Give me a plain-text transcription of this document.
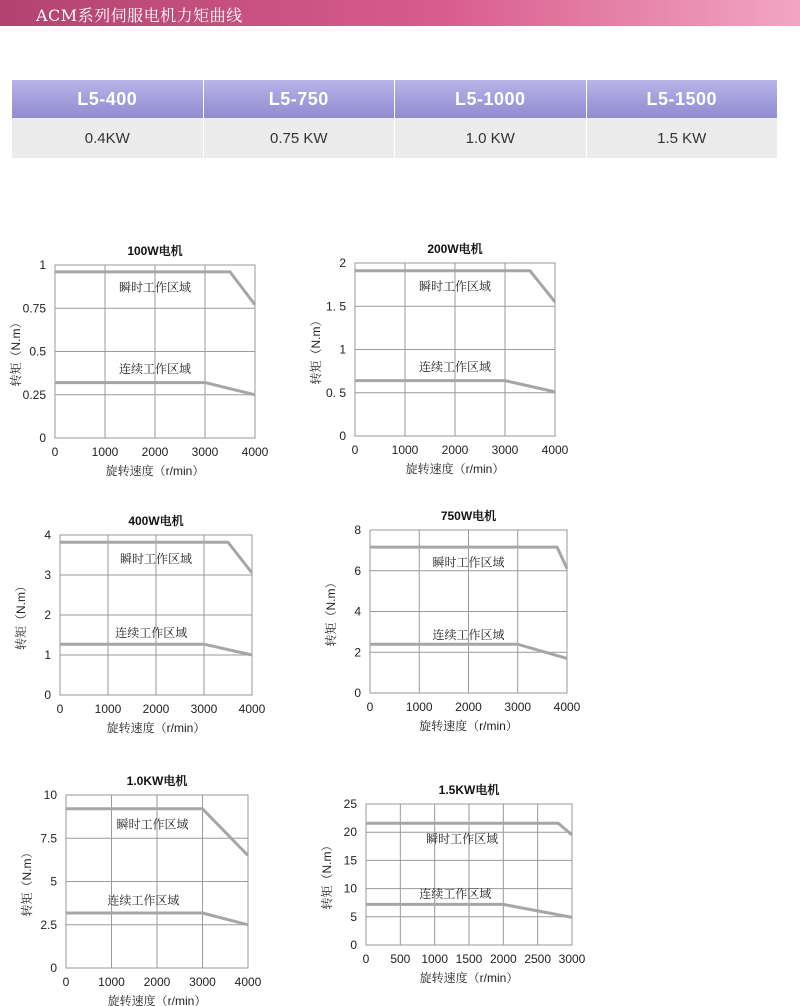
ACM系列伺服电机力矩曲线
L5-400	L5-750	L5-1000	L5-1500
0.4KW	0.75 KW	1.0 KW	1.5 KW
0	1000 2000 3000 4000
0
0.25
0.5
0.75
1
100W电机
旋转速度（r/min）
转矩（N.m）
瞬时工作区域
连续工作区域
0	1000 2000 3000 4000
0
0. 5
1
1. 5
2
200W电机
旋转速度（r/min）
转矩（N.m）
瞬时工作区域
连续工作区域
0	1000 2000 3000 4000
0
1
2
3
4
400W电机
旋转速度（r/min）
转矩（N.m）
瞬时工作区域
连续工作区域
0	1000 2000 3000 4000
0
2
4
6
8
750W电机
旋转速度（r/min）
转矩（N.m）
瞬时工作区域
连续工作区域
0 1000 2000 3000 4000
0
2.5
5
7.5
10
1.0KW电机
旋转速度（r/min）
转矩（N.m）
瞬时工作区域
连续工作区域
0 500 1000 1500 2000 2500 3000
0
5
10
15
20
25
1.5KW电机
旋转速度（r/min）
转矩（N.m）
瞬时工作区域
连续工作区域
